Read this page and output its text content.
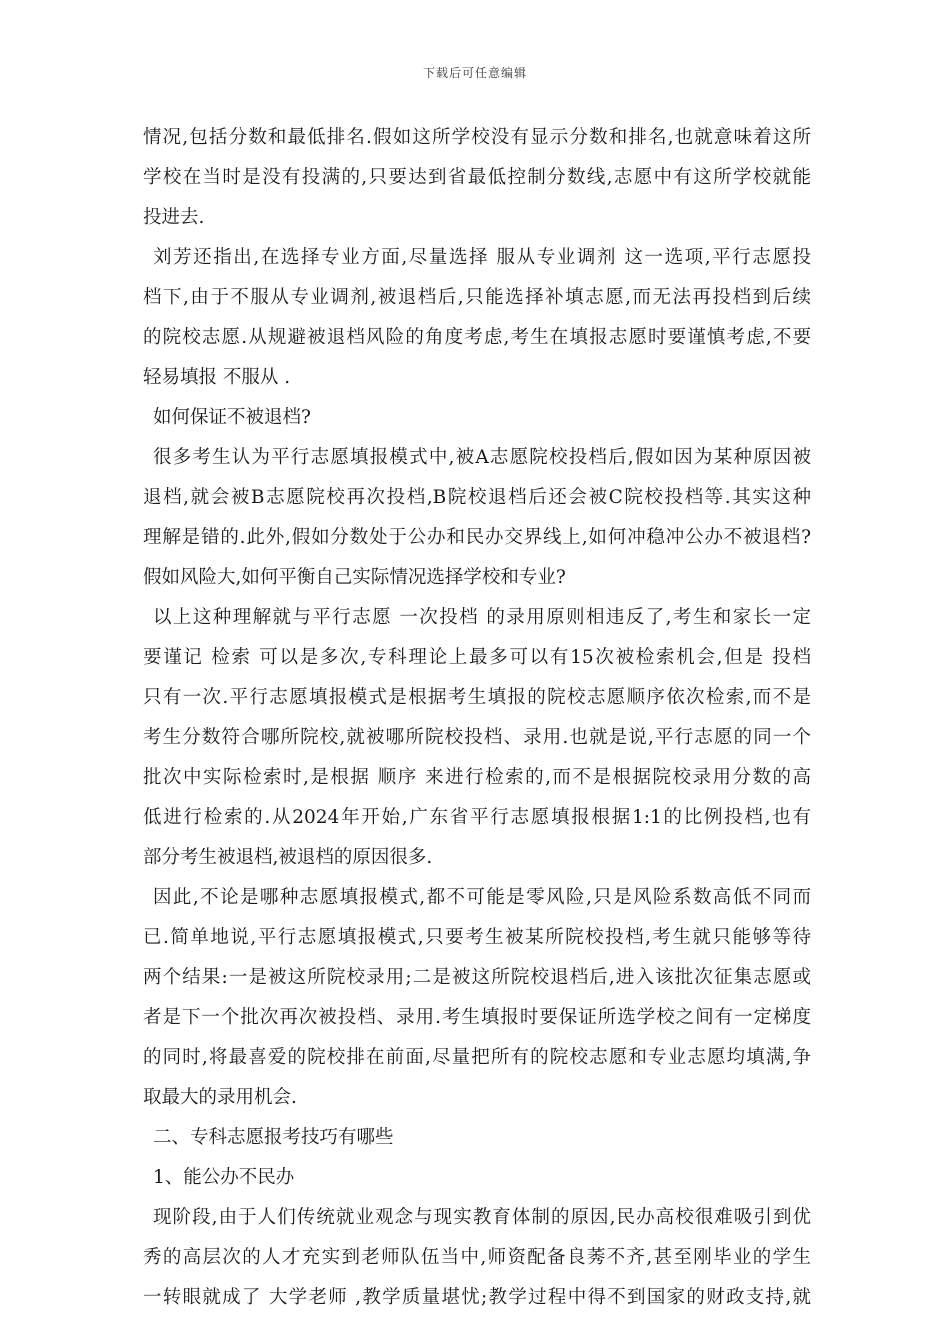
下载后可任意编辑
情况,包括分数和最低排名.假如这所学校没有显示分数和排名,也就意味着这所
学校在当时是没有投满的,只要达到省最低控制分数线,志愿中有这所学校就能
投进去.
刘芳还指出,在选择专业方面,尽量选择 服从专业调剂 这一选项,平行志愿投
档下,由于不服从专业调剂,被退档后,只能选择补填志愿,而无法再投档到后续
的院校志愿.从规避被退档风险的角度考虑,考生在填报志愿时要谨慎考虑,不要
轻易填报 不服从 .
如何保证不被退档?
很多考生认为平行志愿填报模式中,被A志愿院校投档后,假如因为某种原因被
退档,就会被B志愿院校再次投档,B院校退档后还会被C院校投档等.其实这种
理解是错的.此外,假如分数处于公办和民办交界线上,如何冲稳冲公办不被退档?
假如风险大,如何平衡自己实际情况选择学校和专业?
以上这种理解就与平行志愿 一次投档 的录用原则相违反了,考生和家长一定
要谨记 检索 可以是多次,专科理论上最多可以有15次被检索机会,但是 投档
只有一次.平行志愿填报模式是根据考生填报的院校志愿顺序依次检索,而不是
考生分数符合哪所院校,就被哪所院校投档、录用.也就是说,平行志愿的同一个
批次中实际检索时,是根据 顺序 来进行检索的,而不是根据院校录用分数的高
低进行检索的.从2024年开始,广东省平行志愿填报根据1:1的比例投档,也有
部分考生被退档,被退档的原因很多.
因此,不论是哪种志愿填报模式,都不可能是零风险,只是风险系数高低不同而
已.简单地说,平行志愿填报模式,只要考生被某所院校投档,考生就只能够等待
两个结果:一是被这所院校录用;二是被这所院校退档后,进入该批次征集志愿或
者是下一个批次再次被投档、录用.考生填报时要保证所选学校之间有一定梯度
的同时,将最喜爱的院校排在前面,尽量把所有的院校志愿和专业志愿均填满,争
取最大的录用机会.
二、专科志愿报考技巧有哪些
1、能公办不民办
现阶段,由于人们传统就业观念与现实教育体制的原因,民办高校很难吸引到优
秀的高层次的人才充实到老师队伍当中,师资配备良莠不齐,甚至刚毕业的学生
一转眼就成了 大学老师 ,教学质量堪忧;教学过程中得不到国家的财政支持,就
